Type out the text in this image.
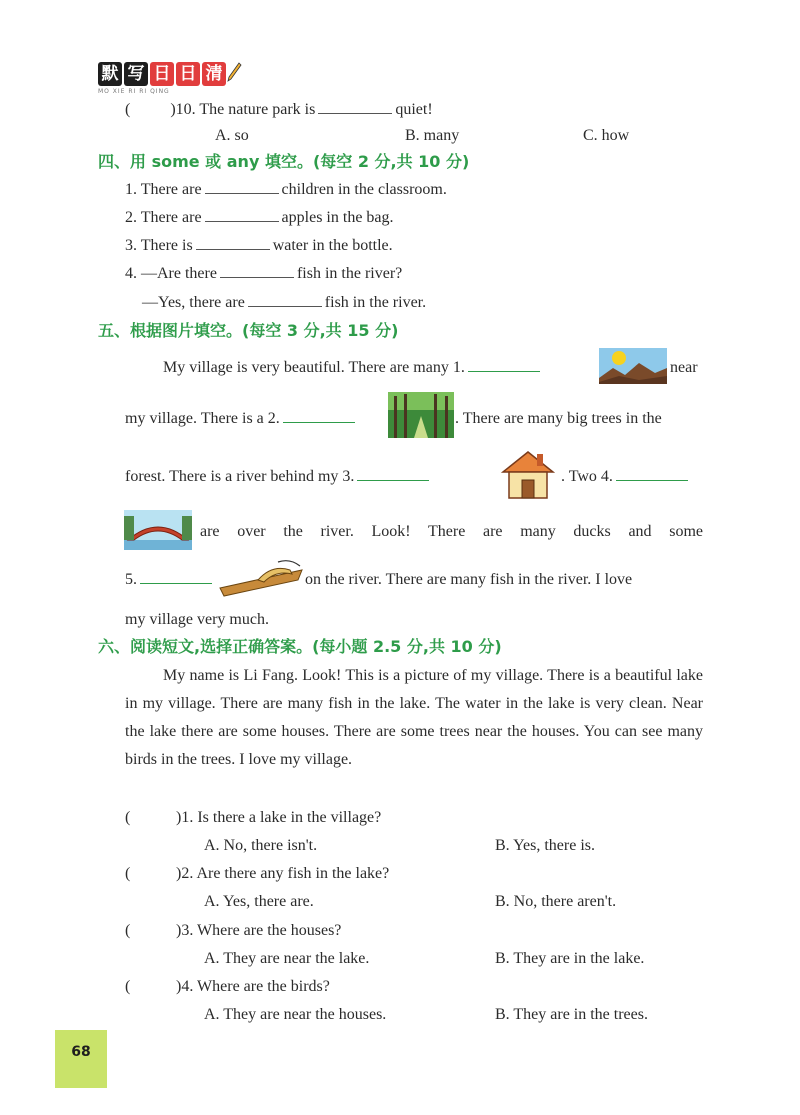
默 写 日 日 清
MO XIE RI RI QING
(	)10. The nature park is	quiet!
A. so	B. many	C. how
四、用 some 或 any 填空。(每空 2 分,共 10 分)
1. There are	children in the classroom.
2. There are	apples in the bag.
3. There is	water in the bottle.
4. —Are there	fish in the river?
—Yes, there are	fish in the river.
五、根据图片填空。(每空 3 分,共 15 分)
My village is very beautiful. There are many 1.	near
my village. There is a 2.	. There are many big trees in the
forest. There is a river behind my 3.	. Two 4.
are over the river. Look! There are many ducks and some
5.	on the river. There are many fish in the river. I love
my village very much.
六、阅读短文,选择正确答案。(每小题 2.5 分,共 10 分)
My name is Li Fang. Look! This is a picture of my village. There is a beautiful lake in my village. There are many fish in the lake. The water in the lake is very clean. Near the lake there are some houses. There are some trees near the houses. You can see many birds in the trees. I love my village.
(	)1. Is there a lake in the village?
A. No, there isn't.	B. Yes, there is.
(	)2. Are there any fish in the lake?
A. Yes, there are.	B. No, there aren't.
(	)3. Where are the houses?
A. They are near the lake.	B. They are in the lake.
(	)4. Where are the birds?
A. They are near the houses.	B. They are in the trees.
68
